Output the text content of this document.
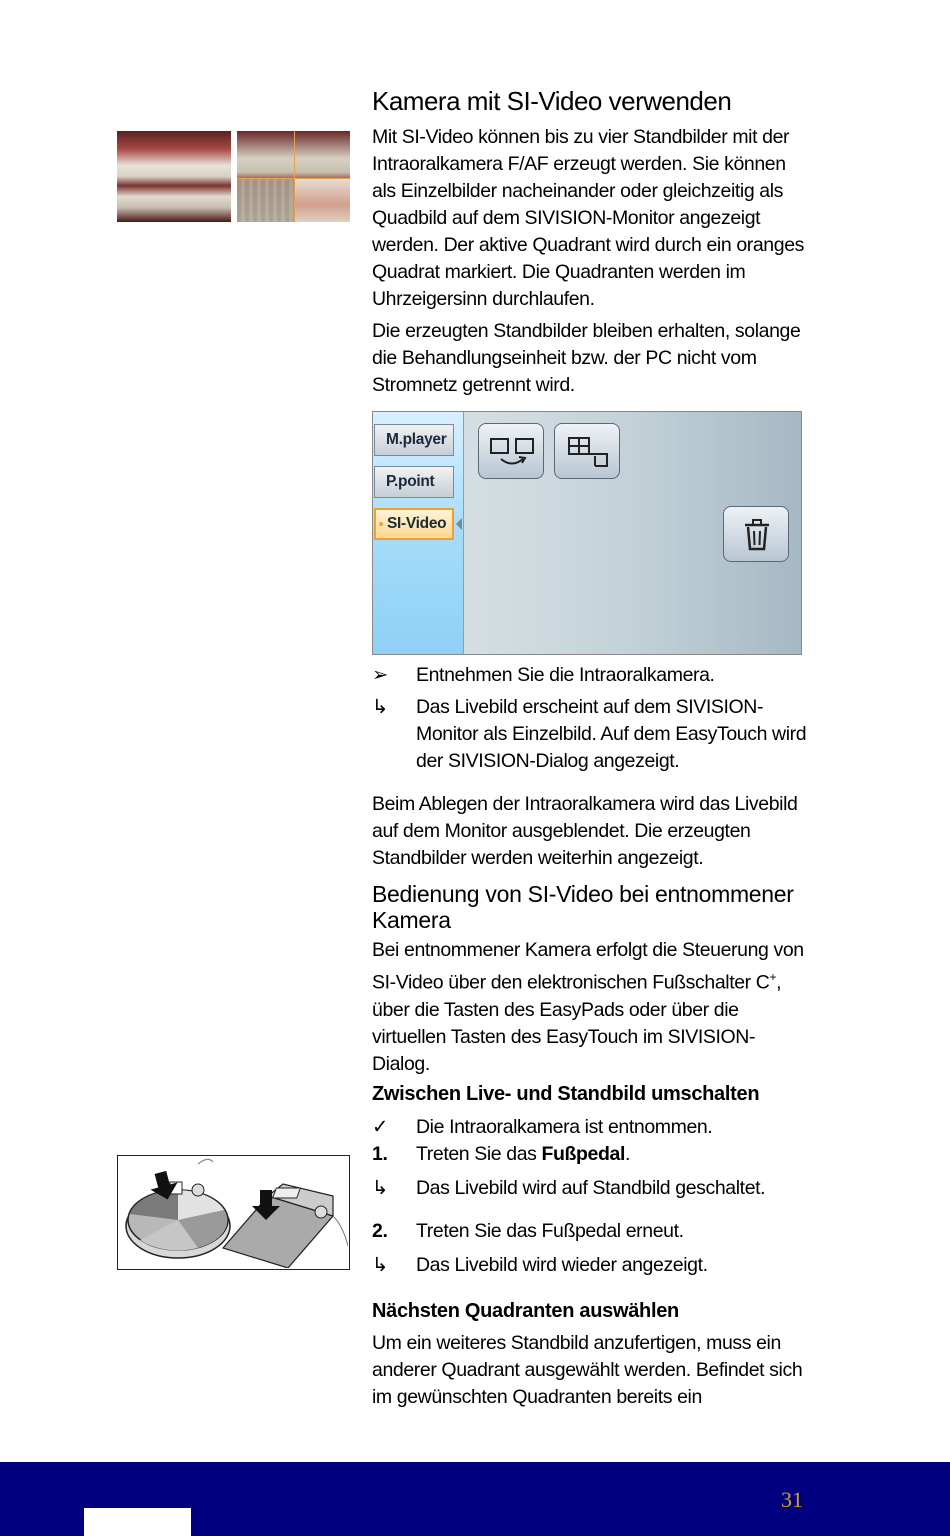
Kamera mit SI-Video verwenden

Mit SI-Video können bis zu vier Standbilder mit der Intraoralkamera F/AF erzeugt werden. Sie können als Einzelbilder nacheinander oder gleichzeitig als Quadbild auf dem SIVISION-Monitor angezeigt werden. Der aktive Quadrant wird durch ein oranges Quadrat markiert. Die Quadranten werden im Uhrzeigersinn durchlaufen.

Die erzeugten Standbilder bleiben erhalten, solange die Behandlungseinheit bzw. der PC nicht vom Stromnetz getrennt wird.

M.player
P.point
SI-Video
➢	Entnehmen Sie die Intraoralkamera.
↳	Das Livebild erscheint auf dem SIVISION-Monitor als Einzelbild. Auf dem EasyTouch wird der SIVISION-Dialog angezeigt.

Beim Ablegen der Intraoralkamera wird das Livebild auf dem Monitor ausgeblendet. Die erzeugten Standbilder werden weiterhin angezeigt.

Bedienung von SI-Video bei entnommener Kamera

Bei entnommener Kamera erfolgt die Steuerung von SI-Video über den elektronischen Fußschalter C+, über die Tasten des EasyPads oder über die virtuellen Tasten des EasyTouch im SIVISION-Dialog.

Zwischen Live- und Standbild umschalten
✓	Die Intraoralkamera ist entnommen.
1.	Treten Sie das Fußpedal.
↳	Das Livebild wird auf Standbild geschaltet.
2.	Treten Sie das Fußpedal erneut.
↳	Das Livebild wird wieder angezeigt.
Nächsten Quadranten auswählen

Um ein weiteres Standbild anzufertigen, muss ein anderer Quadrant ausgewählt werden. Befindet sich im gewünschten Quadranten bereits ein

31
